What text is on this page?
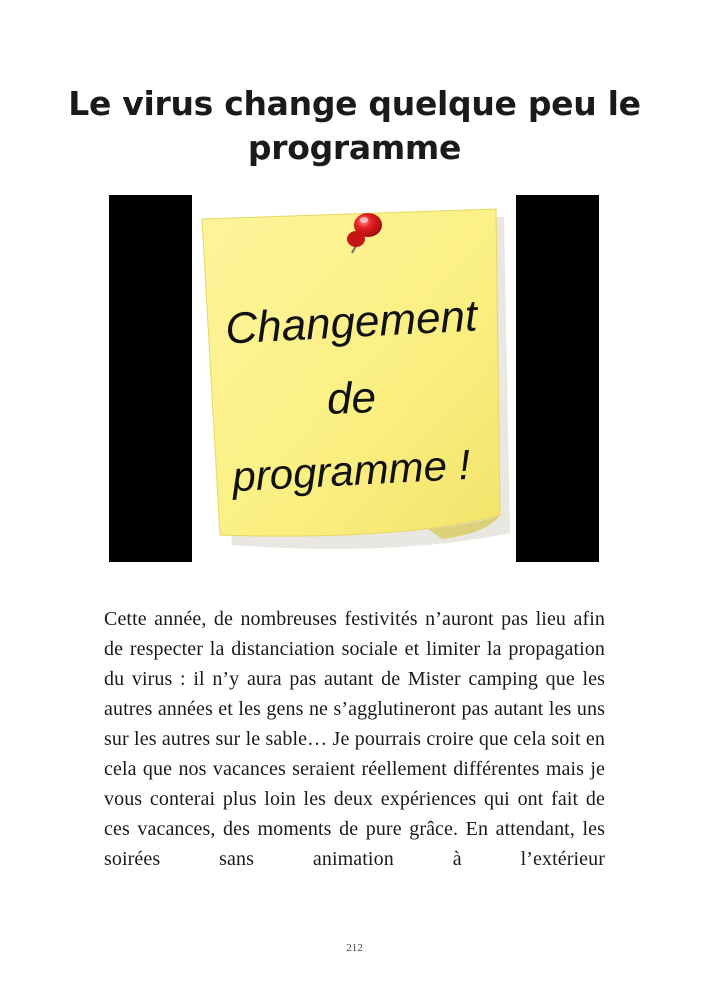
Le virus change quelque peu le programme
Changement
de
programme !

Cette année, de nombreuses festivités n’auront pas lieu afin de respecter la distanciation sociale et limiter la propagation du virus : il n’y aura pas autant de Mister camping que les autres années et les gens ne s’agglutineront pas autant les uns sur les autres sur le sable… Je pourrais croire que cela soit en cela que nos vacances seraient réellement différentes mais je vous conterai plus loin les deux expériences qui ont fait de ces vacances, des moments de pure grâce. En attendant, les soirées sans animation à l’extérieur

212
